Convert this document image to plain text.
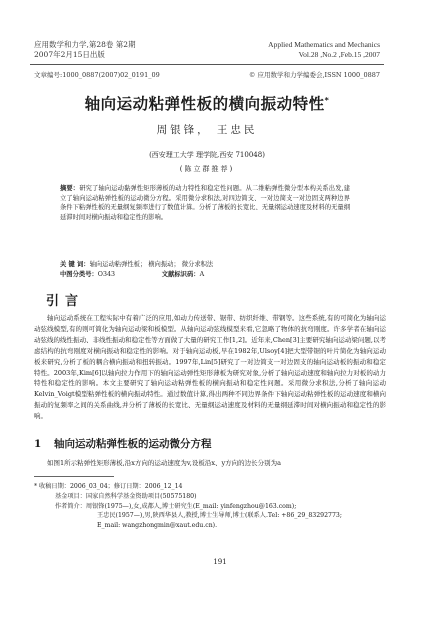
应用数学和力学,第28卷 第2期
2007年2月15日出版
Applied Mathematics and Mechanics
Vol.28 ,No.2 ,Feb.15 ,2007
文章编号:1000_0887(2007)02_0191_09	© 应用数学和力学编委会,ISSN 1000_0887
轴向运动粘弹性板的横向振动特性*
周银锋， 王忠民
(西安理工大学 理学院,西安 710048)
(陈立群推荐)
摘要：研究了轴向运动黏弹性矩形薄板的动力特性和稳定性问题。从二维粘弹性微分型本构关系出发,建立了轴向运动粘弹性板的运动微分方程。采用微分求积法,对四边简支、一对边简支一对边固支两种边界条件下粘弹性板的无量纲复频率进行了数值计算。分析了薄板的长宽比、无量纲运动速度及材料的无量纲延滞时间对横向振动和稳定性的影响。
关 键 词：轴向运动粘弹性板； 横向振动； 微分求积法
中图分类号：O343	文献标识码：A
引言
轴向运动系统在工程实际中有着广泛的应用,如动力传送带、锯带、纺织纤维、带钢等。这些系统,有的可简化为轴向运动弦线模型,有的则可简化为轴向运动梁和板模型。从轴向运动弦线模型来看,它忽略了物体的抗弯刚度。许多学者在轴向运动弦线的线性振动、非线性振动和稳定性等方面做了大量的研究工作[1,2]。近年来,Chen[3]主要研究轴向运动梁问题,以考虑结构的抗弯刚度对横向振动和稳定性的影响。对于轴向运动板,早在1982年,Ulsoy[4]把大型带锯的叶片简化为轴向运动板来研究,分析了板的耦合横向振动和扭转振动。1997年,Lin[5]研究了一对边简支一对边固支的轴向运动板的振动和稳定特性。2003年,Kim[6]以轴向拉力作用下的轴向运动弹性矩形薄板为研究对象,分析了轴向运动速度和轴向拉力对板的动力特性和稳定性的影响。本文主要研究了轴向运动粘弹性板的横向振动和稳定性问题。采用微分求积法,分析了轴向运动Kelvin_Voigt模型粘弹性板的横向振动特性。通过数值计算,得出两种不同边界条件下轴向运动粘弹性板的运动速度和横向振动的复频率之间的关系曲线,并分析了薄板的长宽比、无量纲运动速度及材料的无量纲延滞时间对横向振动和稳定性的影响。
1 轴向运动粘弹性板的运动微分方程
如图1所示粘弹性矩形薄板,沿x方向的运动速度为v,设板沿x、y方向的边长分别为a
* 收稿日期：2006_03_04；修订日期：2006_12_14
基金项目：国家自然科学基金资助项目(50575180)
作者简介：周银锋(1975—),女,成都人,博士研究生(E_mail: yinfengzhou@163.com);
王忠民(1957—),男,陕西华县人,教授,博士生导师,博士(联系人.Tel: +86_29_83292773;
E_mail: wangzhongmin@xaut.edu.cn).
191
